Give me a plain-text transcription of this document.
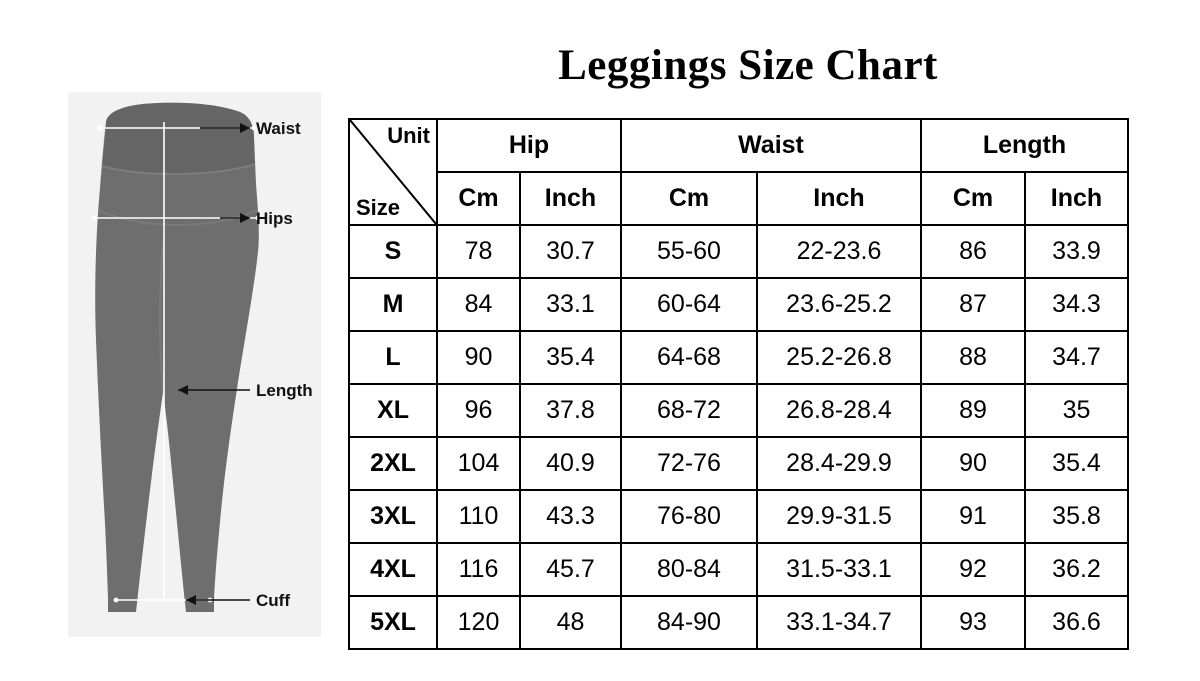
Waist
Hips
Length
Cuff
Leggings Size Chart
Unit
Size	Hip		Waist		Length	
	Cm	Inch	Cm	Inch	Cm	Inch
S	78	30.7	55-60	22-23.6	86	33.9
M	84	33.1	60-64	23.6-25.2	87	34.3
L	90	35.4	64-68	25.2-26.8	88	34.7
XL	96	37.8	68-72	26.8-28.4	89	35
2XL	104	40.9	72-76	28.4-29.9	90	35.4
3XL	110	43.3	76-80	29.9-31.5	91	35.8
4XL	116	45.7	80-84	31.5-33.1	92	36.2
5XL	120	48	84-90	33.1-34.7	93	36.6
